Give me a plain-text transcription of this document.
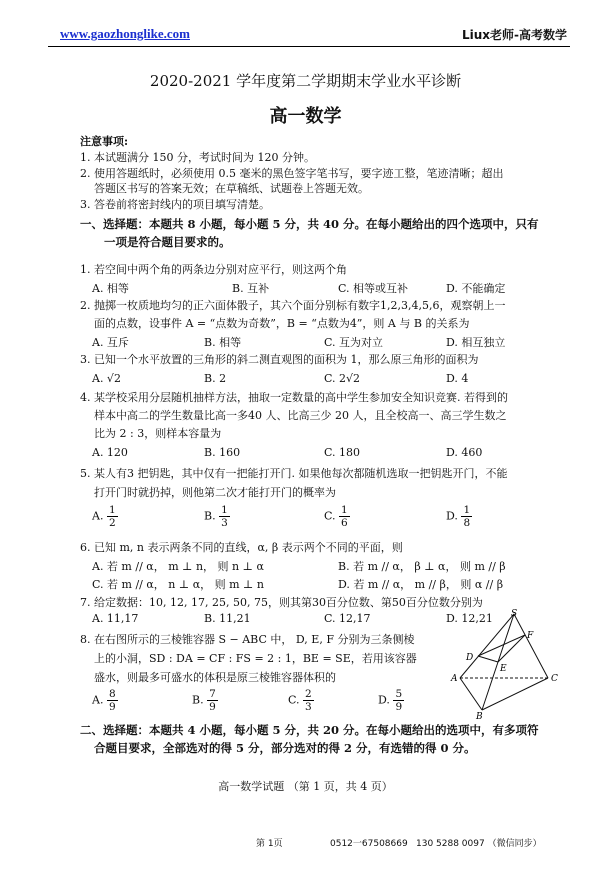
www.gaozhonglike.com	Liux老师-高考数学
2020-2021 学年度第二学期期末学业水平诊断
高一数学
注意事项:
1. 本试题满分 150 分，考试时间为 120 分钟。
2. 使用答题纸时，必须使用 0.5 毫米的黑色签字笔书写，要字迹工整，笔迹清晰；超出
答题区书写的答案无效；在草稿纸、试题卷上答题无效。
3. 答卷前将密封线内的项目填写清楚。
一、选择题：本题共 8 小题，每小题 5 分，共 40 分。在每小题给出的四个选项中，只有
一项是符合题目要求的。
1. 若空间中两个角的两条边分别对应平行，则这两个角
A. 相等	B. 互补	C. 相等或互补	D. 不能确定
2. 抛掷一枚质地均匀的正六面体骰子，其六个面分别标有数字1,2,3,4,5,6，观察朝上一
面的点数，设事件 A = “点数为奇数”，B = “点数为4”，则 A 与 B 的关系为
A. 互斥	B. 相等	C. 互为对立	D. 相互独立
3. 已知一个水平放置的三角形的斜二测直观图的面积为 1，那么原三角形的面积为
A. √2	B. 2	C. 2√2	D. 4
4. 某学校采用分层随机抽样方法，抽取一定数量的高中学生参加安全知识竞赛. 若得到的
样本中高二的学生数量比高一多40 人、比高三少 20 人，且全校高一、高三学生数之
比为 2 : 3，则样本容量为
A. 120	B. 160	C. 180	D. 460
5. 某人有3 把钥匙，其中仅有一把能打开门. 如果他每次都随机选取一把钥匙开门，不能
打开门时就扔掉，则他第二次才能打开门的概率为
A. $\frac{1}{2}$	B. $\frac{1}{3}$	C. $\frac{1}{6}$	D. $\frac{1}{8}$
6. 已知 m, n 表示两条不同的直线，α, β 表示两个不同的平面，则
A. 若 m // α， m ⊥ n， 则 n ⊥ α	B. 若 m // α， β ⊥ α， 则 m // β
C. 若 m // α， n ⊥ α， 则 m ⊥ n	D. 若 m // α， m // β， 则 α // β
7. 给定数据：10, 12, 17, 25, 50, 75，则其第30百分位数、第50百分位数分别为
A. 11,17	B. 11,21	C. 12,17	D. 12,21
8. 在右图所示的三棱锥容器 S − ABC 中， D, E, F 分别为三条侧棱
上的小洞，SD : DA = CF : FS = 2 : 1，BE = SE，若用该容器
盛水，则最多可盛水的体积是原三棱锥容器体积的
A. $\frac{8}{9}$	B. $\frac{7}{9}$	C. $\frac{2}{3}$	D. $\frac{5}{9}$
S
D
F
E
A	C
B
二、选择题：本题共 4 小题，每小题 5 分，共 20 分。在每小题给出的选项中，有多项符
合题目要求，全部选对的得 5 分，部分选对的得 2 分，有选错的得 0 分。
高一数学试题 （第 1 页，共 4 页）
第 1页	0512一67508669 130 5288 0097 （微信同步）
